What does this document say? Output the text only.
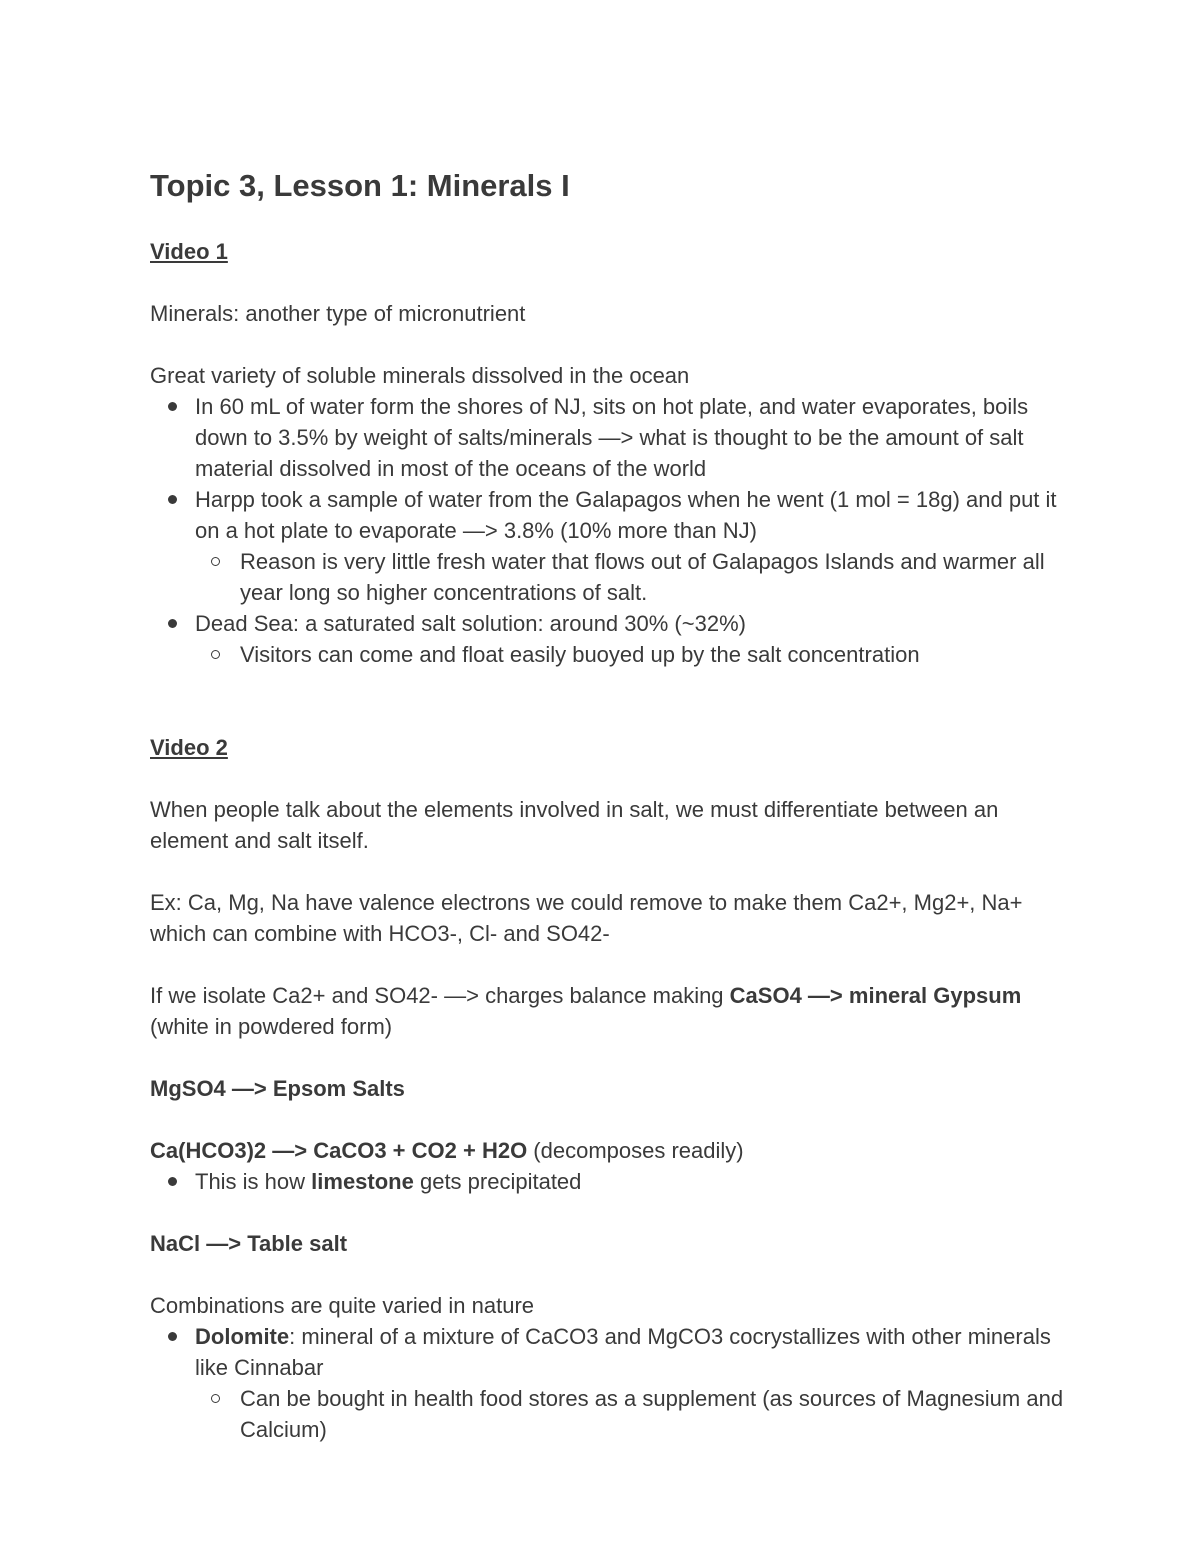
Topic 3, Lesson 1: Minerals I
Video 1

Minerals: another type of micronutrient

Great variety of soluble minerals dissolved in the ocean

In 60 mL of water form the shores of NJ, sits on hot plate, and water evaporates, boils down to 3.5% by weight of salts/minerals —> what is thought to be the amount of salt material dissolved in most of the oceans of the world
Harpp took a sample of water from the Galapagos when he went (1 mol = 18g) and put it on a hot plate to evaporate —> 3.8% (10% more than NJ)
Reason is very little fresh water that flows out of Galapagos Islands and warmer all year long so higher concentrations of salt.
Dead Sea: a saturated salt solution: around 30% (~32%)
Visitors can come and float easily buoyed up by the salt concentration
Video 2

When people talk about the elements involved in salt, we must differentiate between an element and salt itself.

Ex: Ca, Mg, Na have valence electrons we could remove to make them Ca2+, Mg2+, Na+ which can combine with HCO3-, Cl- and SO42-

If we isolate Ca2+ and SO42- —> charges balance making CaSO4 —> mineral Gypsum (white in powdered form)

MgSO4 —> Epsom Salts

Ca(HCO3)2 —> CaCO3 + CO2 + H2O (decomposes readily)

This is how limestone gets precipitated

NaCl —> Table salt

Combinations are quite varied in nature

Dolomite: mineral of a mixture of CaCO3 and MgCO3 cocrystallizes with other minerals like Cinnabar
Can be bought in health food stores as a supplement (as sources of Magnesium and Calcium)
